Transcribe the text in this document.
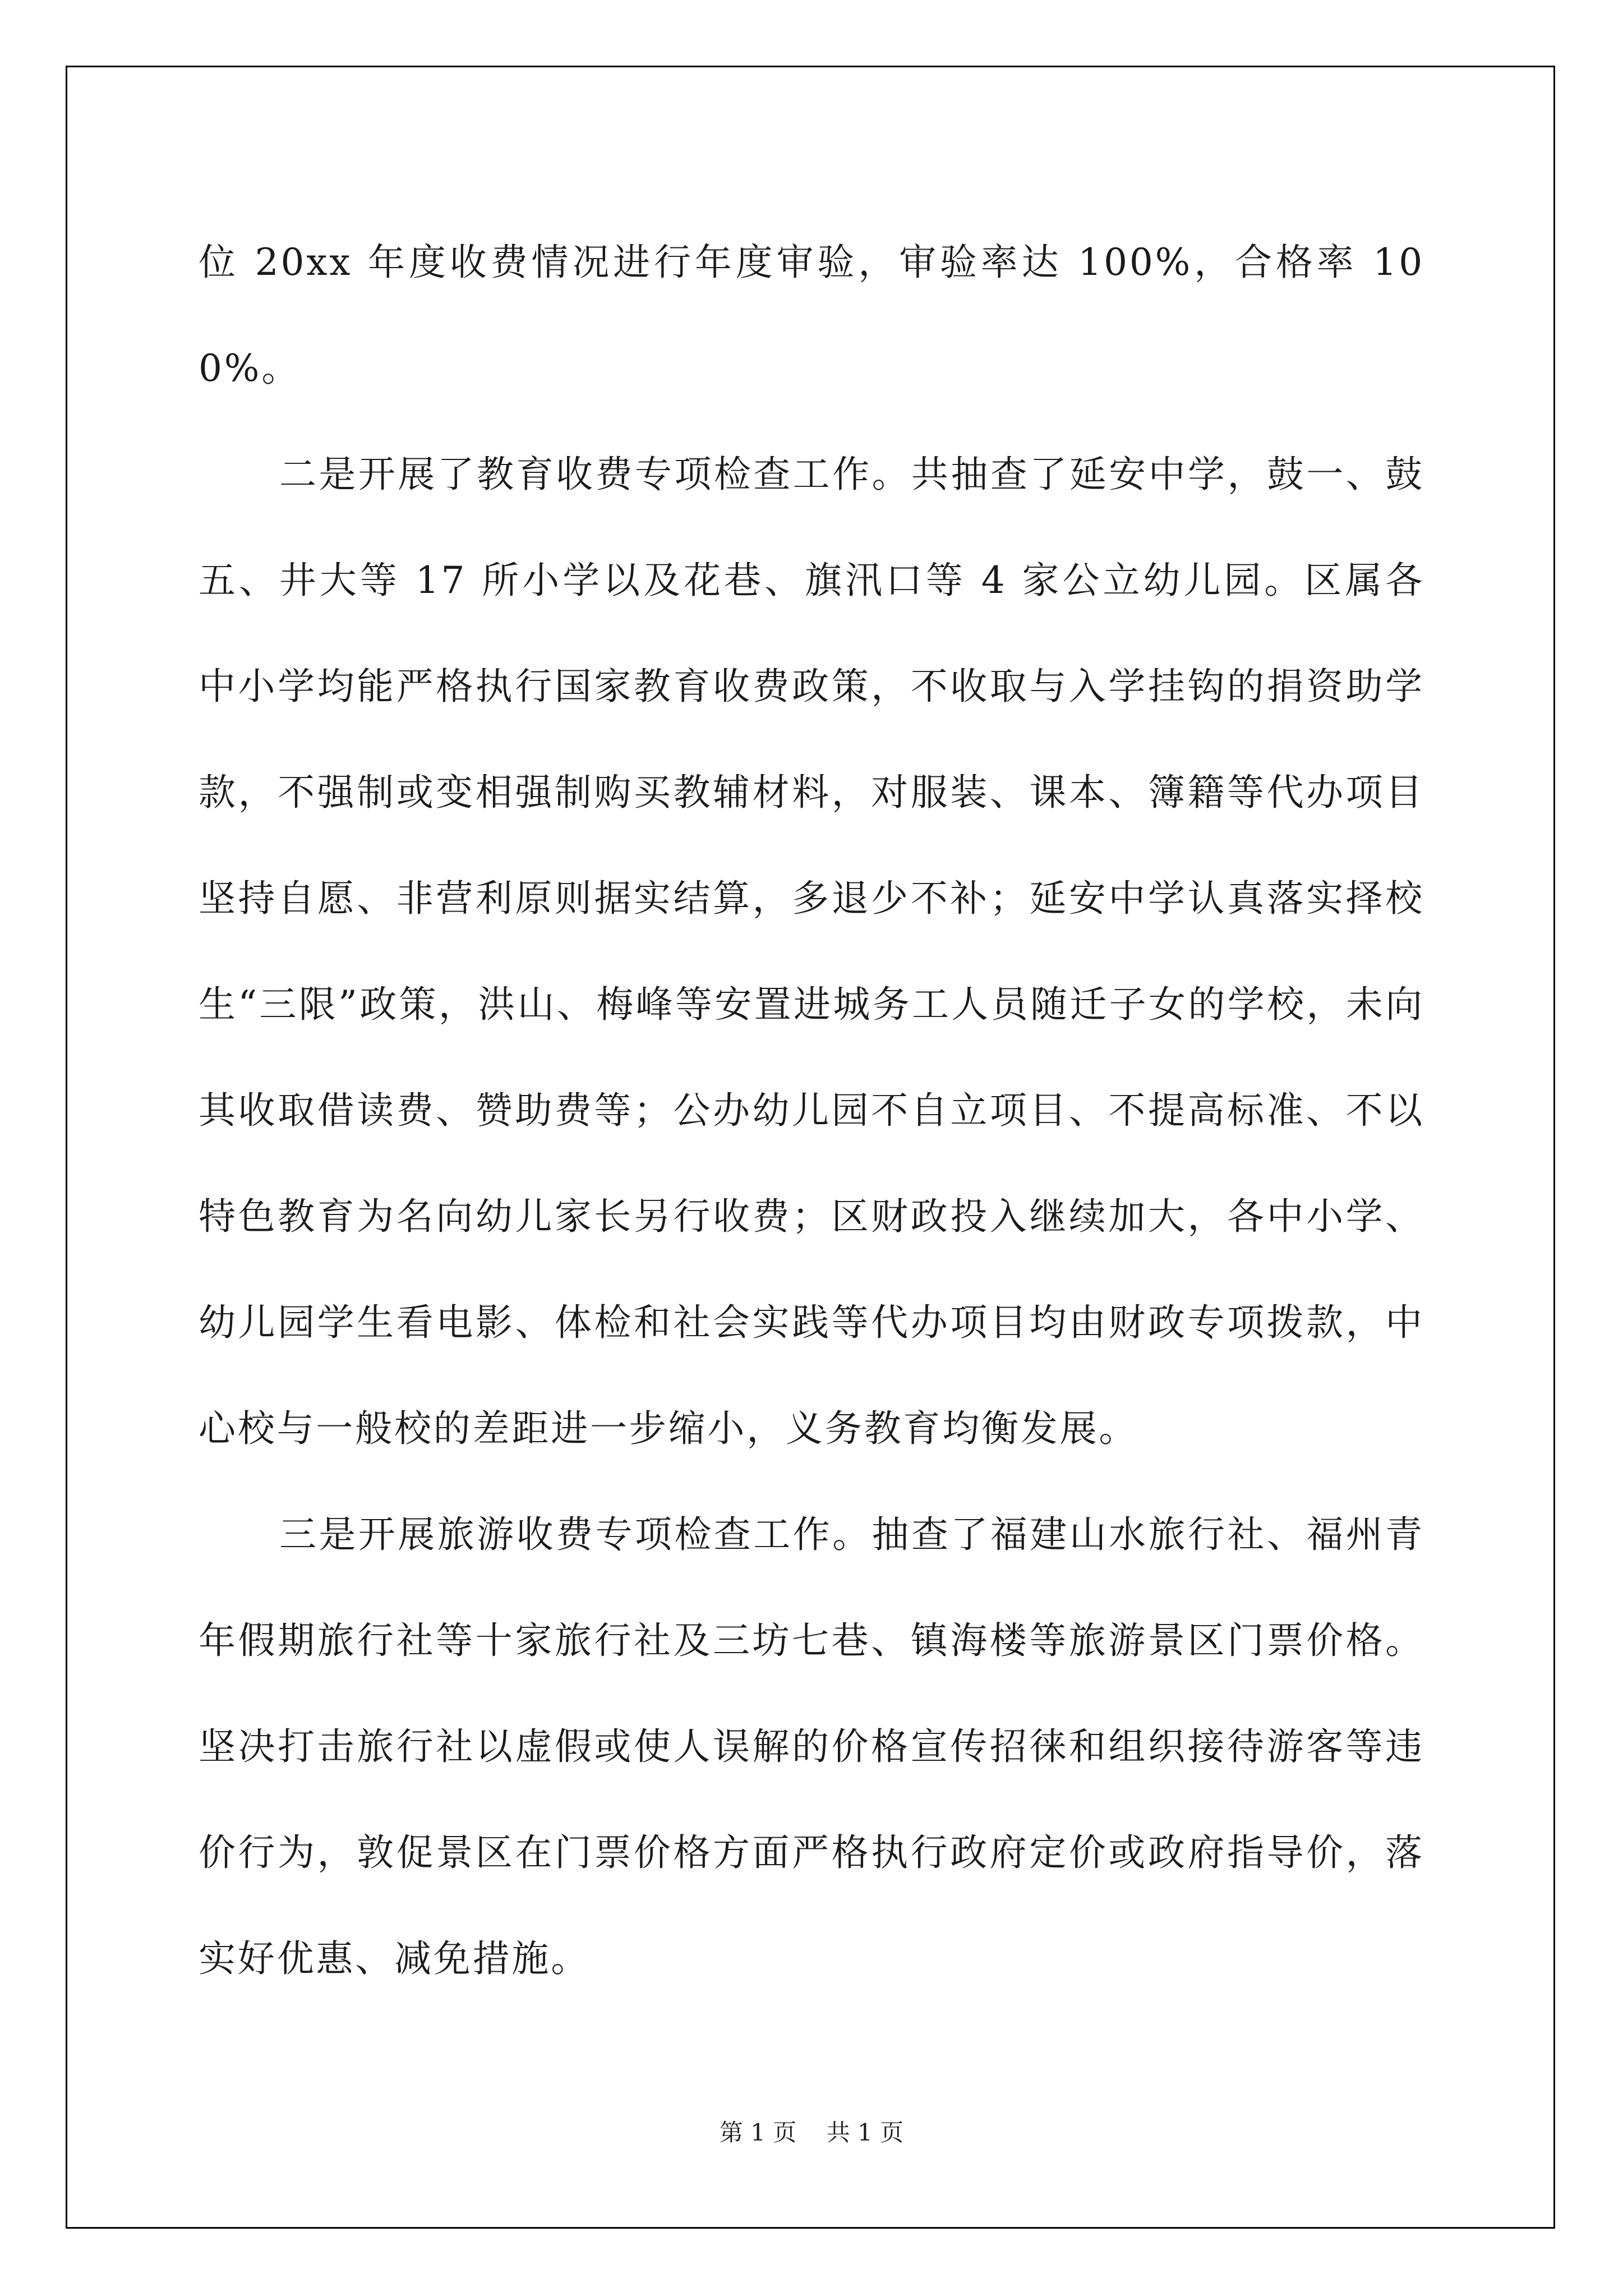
位 20xx 年度收费情况进行年度审验，审验率达 100%，合格率 100%。

二是开展了教育收费专项检查工作。共抽查了延安中学，鼓一、鼓五、井大等 17 所小学以及花巷、旗汛口等 4 家公立幼儿园。区属各中小学均能严格执行国家教育收费政策，不收取与入学挂钩的捐资助学款，不强制或变相强制购买教辅材料，对服装、课本、簿籍等代办项目坚持自愿、非营利原则据实结算，多退少不补；延安中学认真落实择校生“三限”政策，洪山、梅峰等安置进城务工人员随迁子女的学校，未向其收取借读费、赞助费等；公办幼儿园不自立项目、不提高标准、不以特色教育为名向幼儿家长另行收费；区财政投入继续加大，各中小学、幼儿园学生看电影、体检和社会实践等代办项目均由财政专项拨款，中心校与一般校的差距进一步缩小，义务教育均衡发展。

三是开展旅游收费专项检查工作。抽查了福建山水旅行社、福州青年假期旅行社等十家旅行社及三坊七巷、镇海楼等旅游景区门票价格。坚决打击旅行社以虚假或使人误解的价格宣传招徕和组织接待游客等违价行为，敦促景区在门票价格方面严格执行政府定价或政府指导价，落实好优惠、减免措施。

第 1 页    共 1 页
